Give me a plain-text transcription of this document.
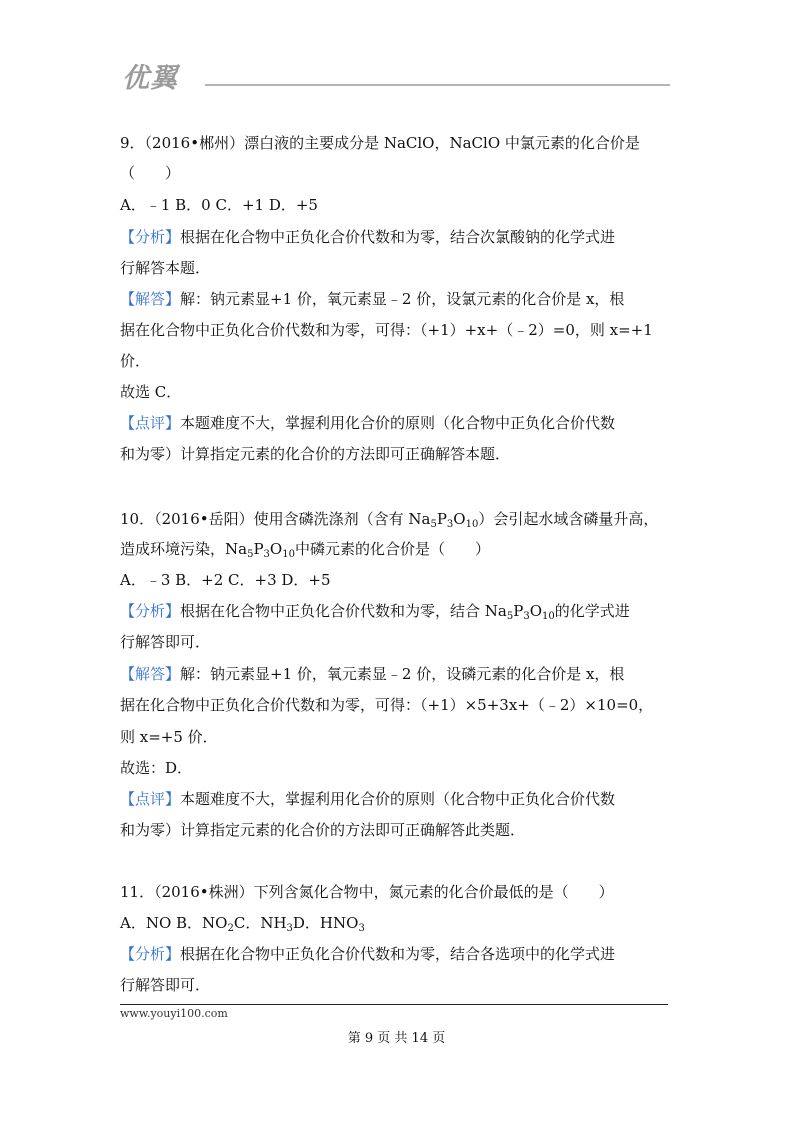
优翼
9．（2016•郴州）漂白液的主要成分是 NaClO，NaClO 中氯元素的化合价是
（　　）
A．﹣1 B．0 C．+1 D．+5
【分析】根据在化合物中正负化合价代数和为零，结合次氯酸钠的化学式进
行解答本题．
【解答】解：钠元素显+1 价，氧元素显﹣2 价，设氯元素的化合价是 x，根
据在化合物中正负化合价代数和为零，可得：（+1）+x+（﹣2）=0，则 x=+1
价．
故选 C．
【点评】本题难度不大，掌握利用化合价的原则（化合物中正负化合价代数
和为零）计算指定元素的化合价的方法即可正确解答本题．
10．（2016•岳阳）使用含磷洗涤剂（含有 $Na_5P_3O_{10}$）会引起水域含磷量升高，
造成环境污染，$Na_5P_3O_{10}$中磷元素的化合价是（　　）
A．﹣3 B．+2 C．+3 D．+5
【分析】根据在化合物中正负化合价代数和为零，结合 $Na_5P_3O_{10}$的化学式进
行解答即可．
【解答】解：钠元素显+1 价，氧元素显﹣2 价，设磷元素的化合价是 x，根
据在化合物中正负化合价代数和为零，可得：（+1）×5+3x+（﹣2）×10=0，
则 x=+5 价．
故选：D．
【点评】本题难度不大，掌握利用化合价的原则（化合物中正负化合价代数
和为零）计算指定元素的化合价的方法即可正确解答此类题．
11．（2016•株洲）下列含氮化合物中，氮元素的化合价最低的是（　　）
A．NO B．$NO_2C$．$NH_3D$．$HNO_3$
【分析】根据在化合物中正负化合价代数和为零，结合各选项中的化学式进
行解答即可．
www.youyi100.com
第 9 页 共 14 页
